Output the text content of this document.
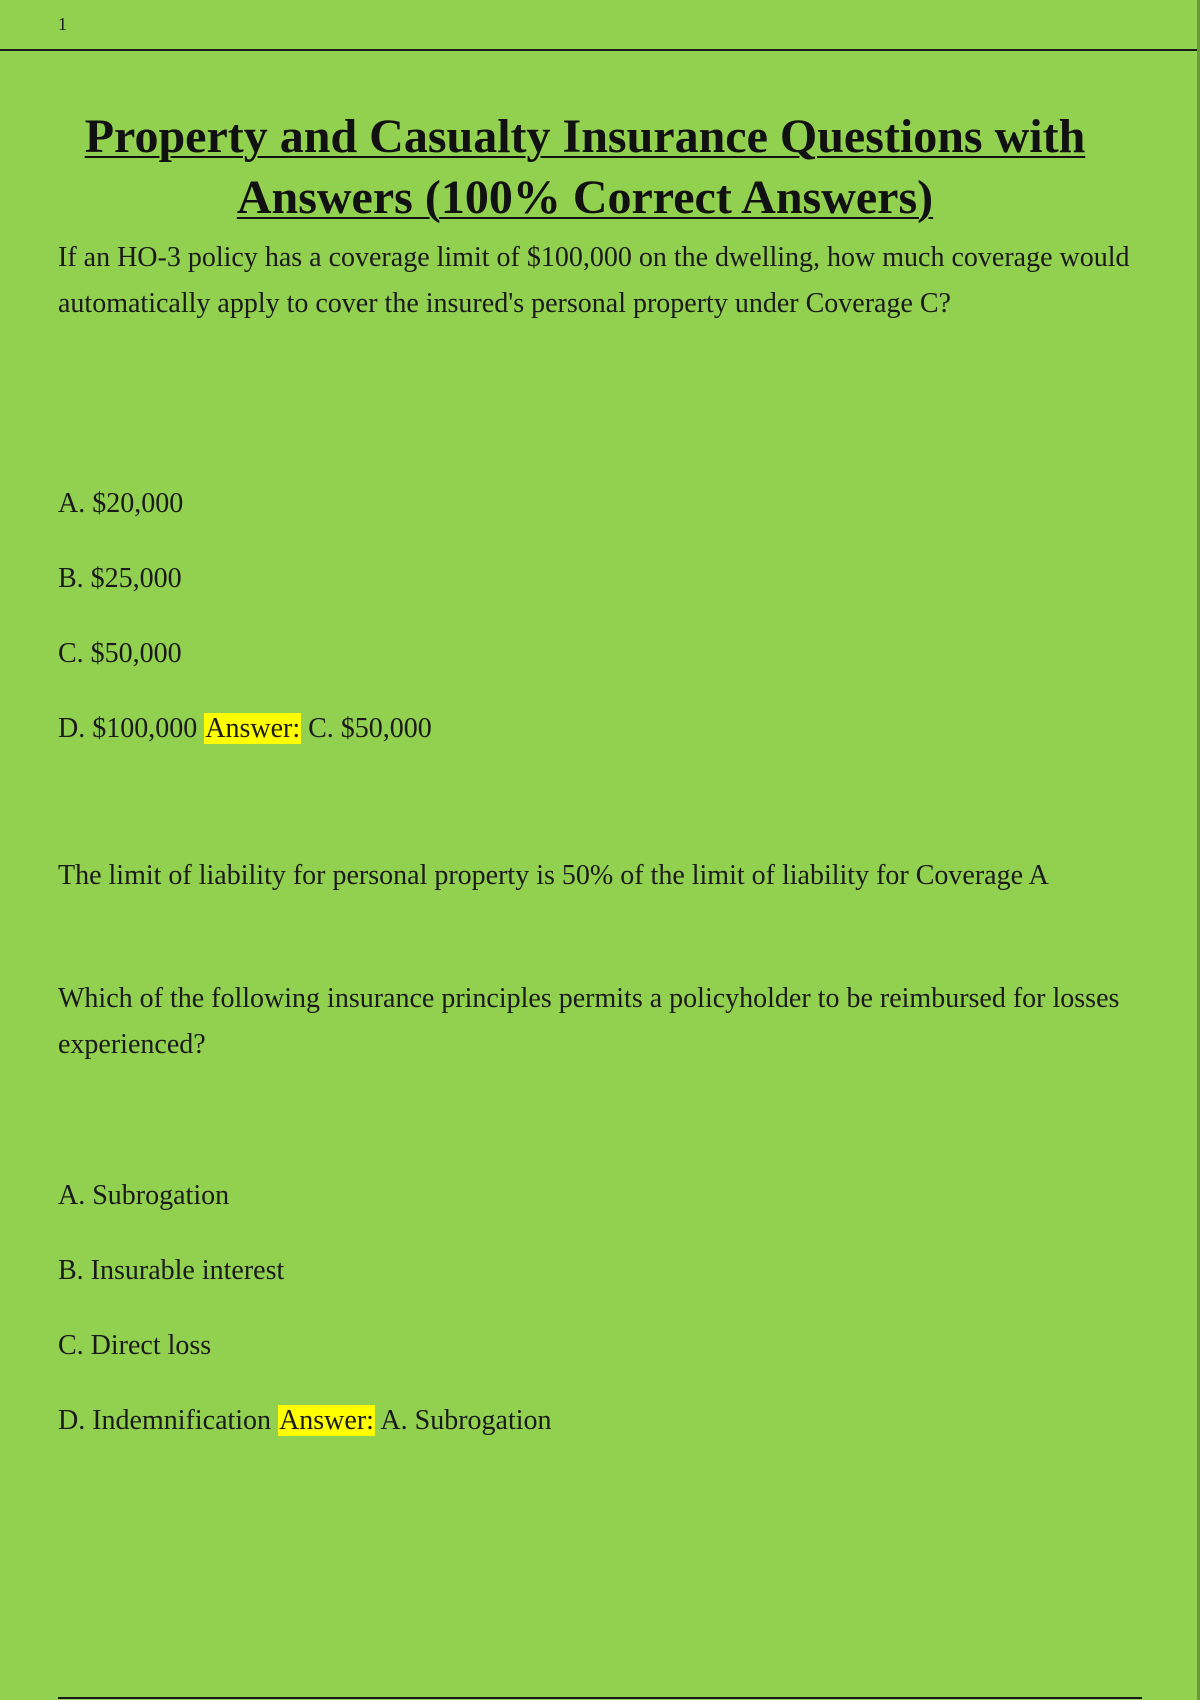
1
Property and Casualty Insurance Questions with Answers (100% Correct Answers)

If an HO-3 policy has a coverage limit of $100,000 on the dwelling, how much coverage would automatically apply to cover the insured's personal property under Coverage C?

A. $20,000

B. $25,000

C. $50,000

D. $100,000 Answer: C. $50,000

The limit of liability for personal property is 50% of the limit of liability for Coverage A

Which of the following insurance principles permits a policyholder to be reimbursed for losses experienced?

A. Subrogation

B. Insurable interest

C. Direct loss

D. Indemnification Answer: A. Subrogation
